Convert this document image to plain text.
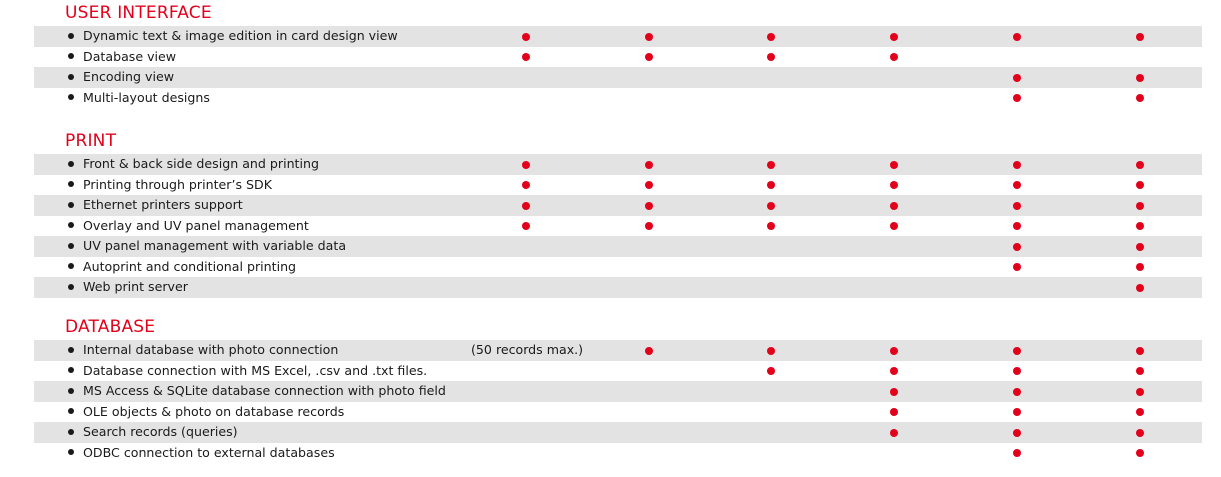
USER INTERFACE
Dynamic text & image edition in card design view
Database view
Encoding view
Multi-layout designs
PRINT
Front & back side design and printing
Printing through printer’s SDK
Ethernet printers support
Overlay and UV panel management
UV panel management with variable data
Autoprint and conditional printing
Web print server
DATABASE
Internal database with photo connection	(50 records max.)
Database connection with MS Excel, .csv and .txt files.
MS Access & SQLite database connection with photo field
OLE objects & photo on database records
Search records (queries)
ODBC connection to external databases
